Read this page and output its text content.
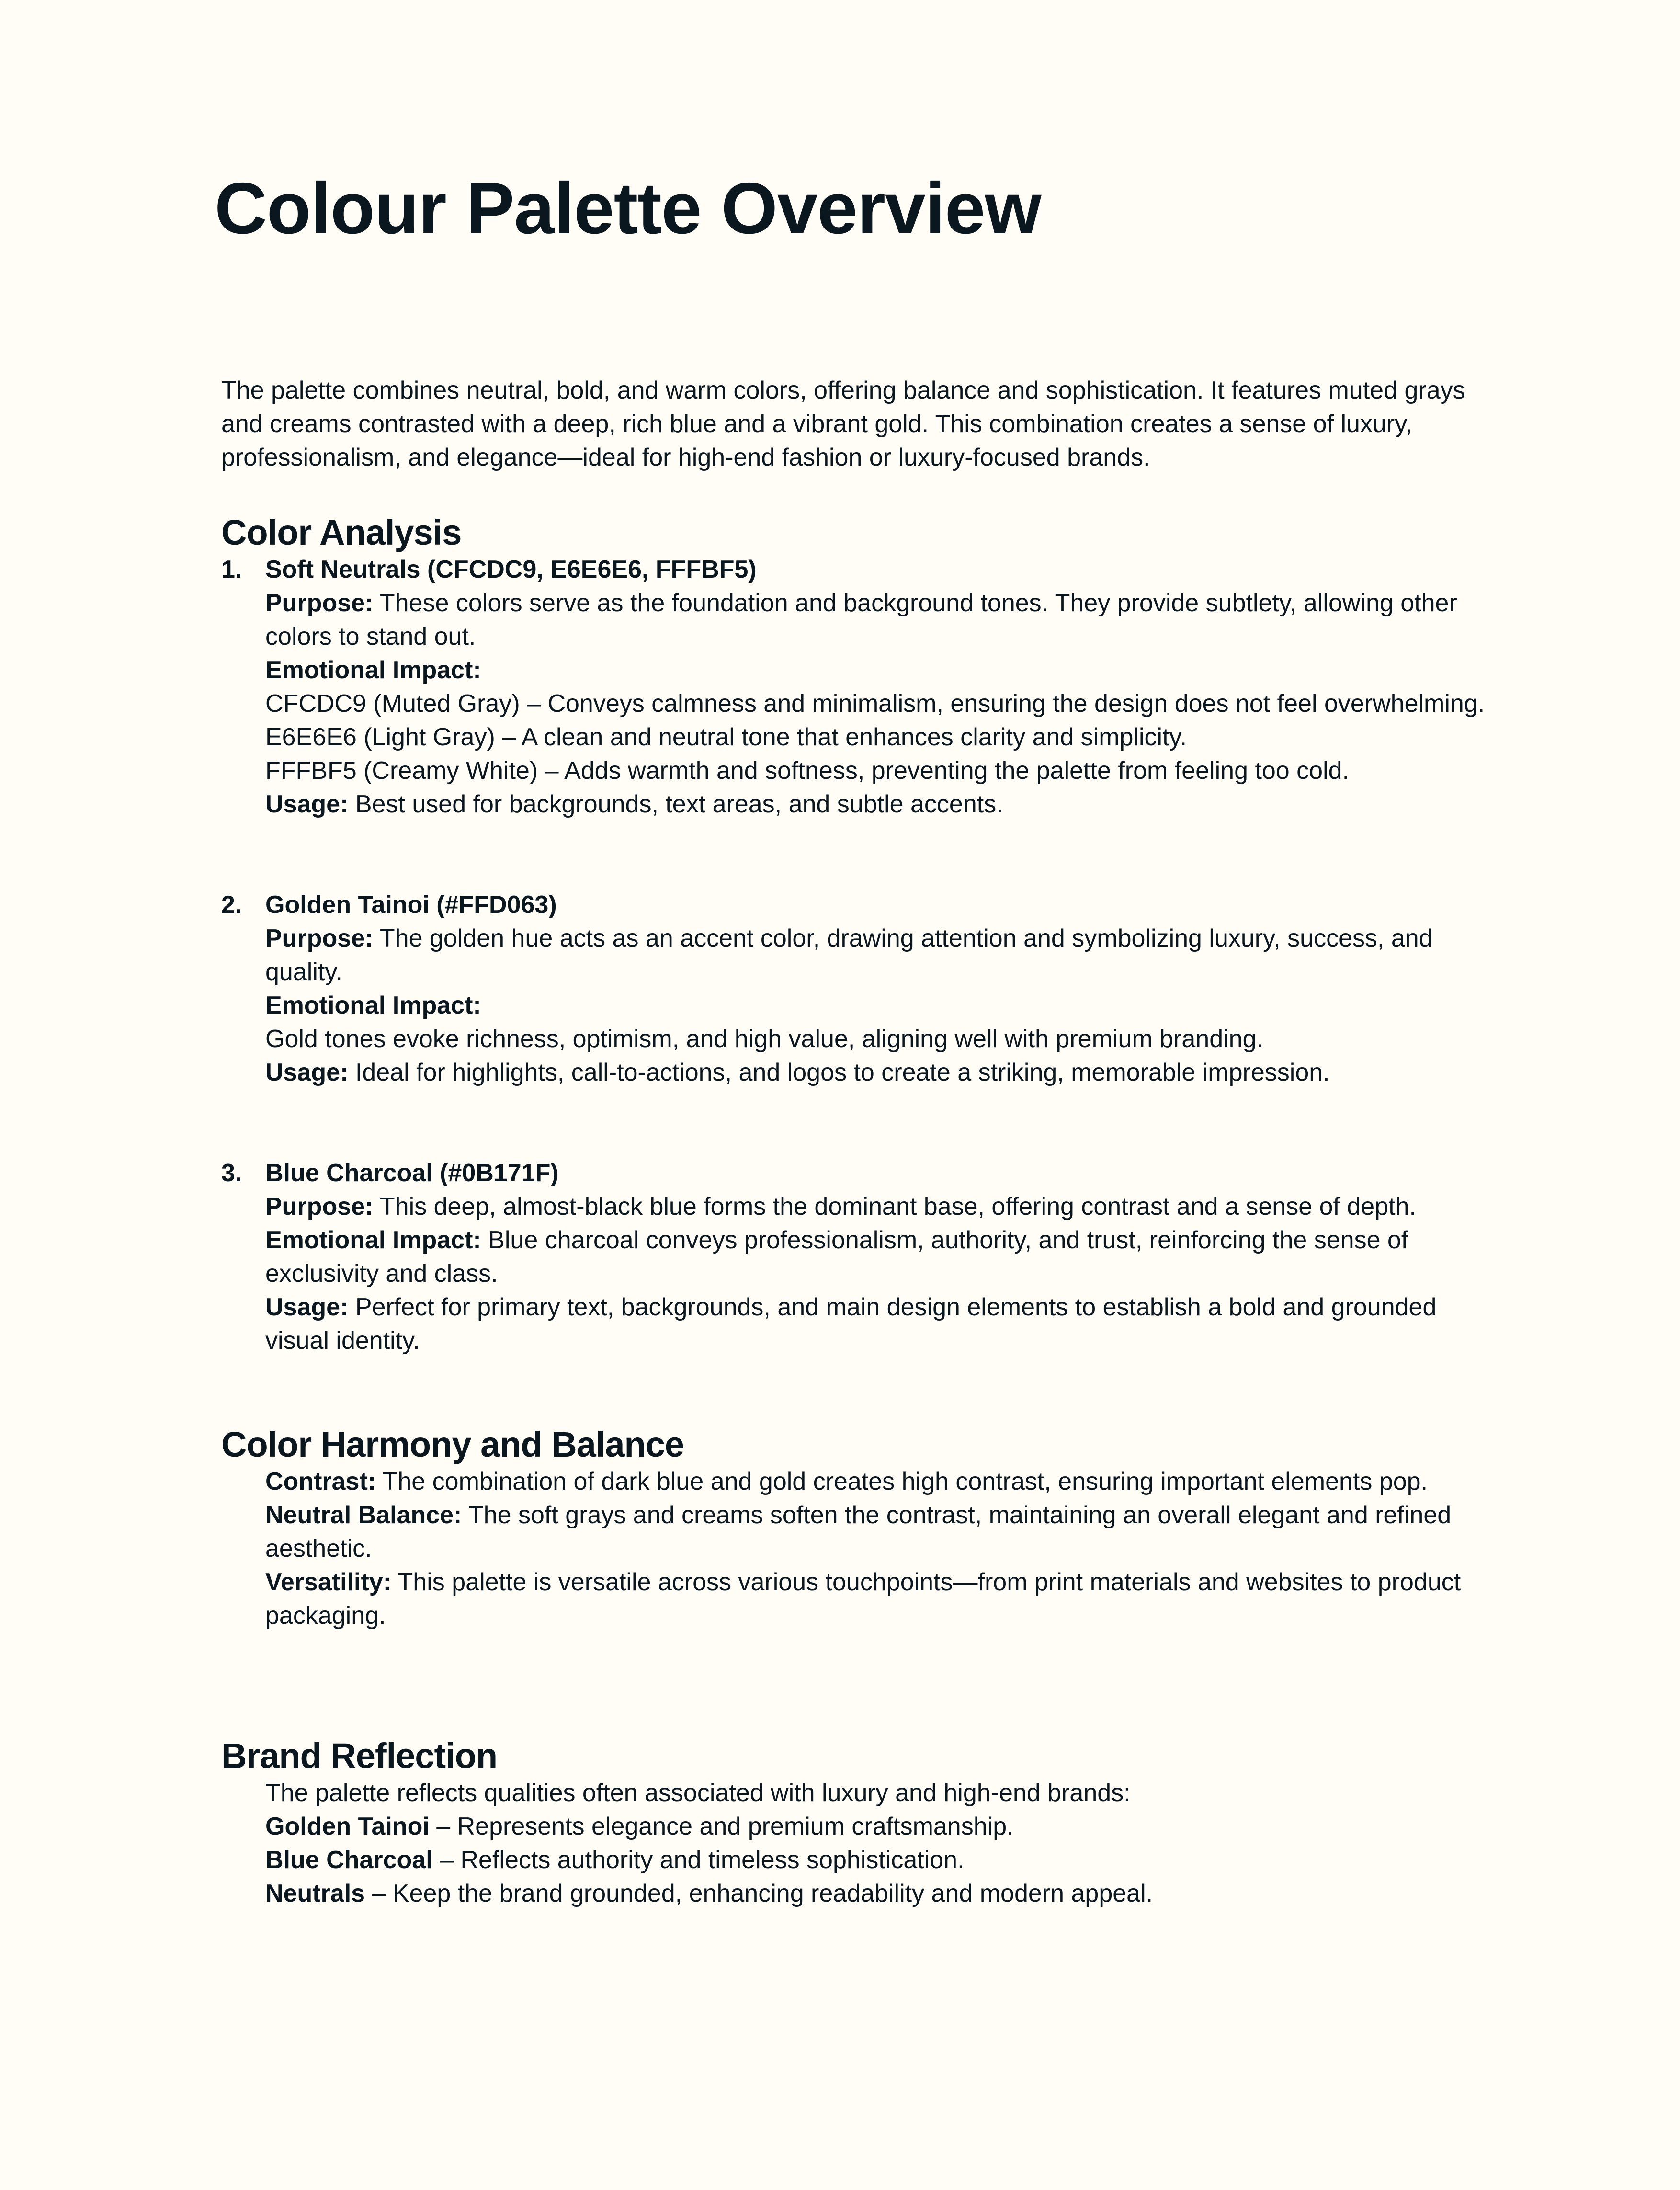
Colour Palette Overview

The palette combines neutral, bold, and warm colors, offering balance and sophistication. It features muted grays and creams contrasted with a deep, rich blue and a vibrant gold. This combination creates a sense of luxury, professionalism, and elegance—ideal for high-end fashion or luxury-focused brands.

Color Analysis
1. Soft Neutrals (CFCDC9, E6E6E6, FFFBF5)

Purpose: These colors serve as the foundation and background tones. They provide subtlety, allowing other colors to stand out.

Emotional Impact:

CFCDC9 (Muted Gray) – Conveys calmness and minimalism, ensuring the design does not feel overwhelming.

E6E6E6 (Light Gray) – A clean and neutral tone that enhances clarity and simplicity.

FFFBF5 (Creamy White) – Adds warmth and softness, preventing the palette from feeling too cold.

Usage: Best used for backgrounds, text areas, and subtle accents.

2. Golden Tainoi (#FFD063)

Purpose: The golden hue acts as an accent color, drawing attention and symbolizing luxury, success, and quality.

Emotional Impact:

Gold tones evoke richness, optimism, and high value, aligning well with premium branding.

Usage: Ideal for highlights, call-to-actions, and logos to create a striking, memorable impression.

3. Blue Charcoal (#0B171F)

Purpose: This deep, almost-black blue forms the dominant base, offering contrast and a sense of depth.

Emotional Impact: Blue charcoal conveys professionalism, authority, and trust, reinforcing the sense of exclusivity and class.

Usage: Perfect for primary text, backgrounds, and main design elements to establish a bold and grounded visual identity.

Color Harmony and Balance

Contrast: The combination of dark blue and gold creates high contrast, ensuring important elements pop.

Neutral Balance: The soft grays and creams soften the contrast, maintaining an overall elegant and refined aesthetic.

Versatility: This palette is versatile across various touchpoints—from print materials and websites to product packaging.

Brand Reflection

The palette reflects qualities often associated with luxury and high-end brands:

Golden Tainoi – Represents elegance and premium craftsmanship.

Blue Charcoal – Reflects authority and timeless sophistication.

Neutrals – Keep the brand grounded, enhancing readability and modern appeal.
